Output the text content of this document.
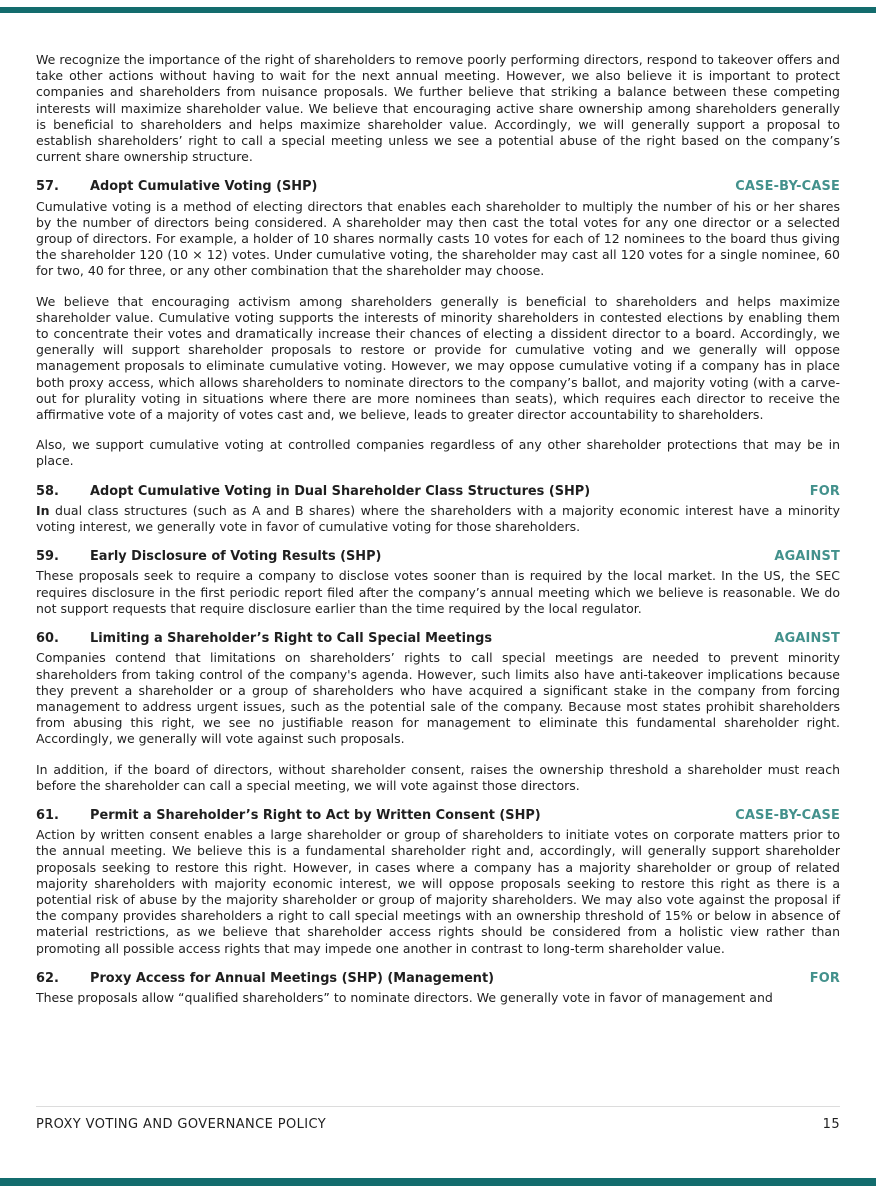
We recognize the importance of the right of shareholders to remove poorly performing directors, respond to takeover offers and take other actions without having to wait for the next annual meeting. However, we also believe it is important to protect companies and shareholders from nuisance proposals. We further believe that striking a balance between these competing interests will maximize shareholder value. We believe that encouraging active share ownership among shareholders generally is beneficial to shareholders and helps maximize shareholder value. Accordingly, we will generally support a proposal to establish shareholders’ right to call a special meeting unless we see a potential abuse of the right based on the company’s current share ownership structure.

57.	Adopt Cumulative Voting (SHP)	CASE-BY-CASE

Cumulative voting is a method of electing directors that enables each shareholder to multiply the number of his or her shares by the number of directors being considered. A shareholder may then cast the total votes for any one director or a selected group of directors. For example, a holder of 10 shares normally casts 10 votes for each of 12 nominees to the board thus giving the shareholder 120 (10 × 12) votes. Under cumulative voting, the shareholder may cast all 120 votes for a single nominee, 60 for two, 40 for three, or any other combination that the shareholder may choose.

We believe that encouraging activism among shareholders generally is beneficial to shareholders and helps maximize shareholder value. Cumulative voting supports the interests of minority shareholders in contested elections by enabling them to concentrate their votes and dramatically increase their chances of electing a dissident director to a board. Accordingly, we generally will support shareholder proposals to restore or provide for cumulative voting and we generally will oppose management proposals to eliminate cumulative voting. However, we may oppose cumulative voting if a company has in place both proxy access, which allows shareholders to nominate directors to the company’s ballot, and majority voting (with a carve-out for plurality voting in situations where there are more nominees than seats), which requires each director to receive the affirmative vote of a majority of votes cast and, we believe, leads to greater director accountability to shareholders.

Also, we support cumulative voting at controlled companies regardless of any other shareholder protections that may be in place.

58.	Adopt Cumulative Voting in Dual Shareholder Class Structures (SHP)	FOR

In dual class structures (such as A and B shares) where the shareholders with a majority economic interest have a minority voting interest, we generally vote in favor of cumulative voting for those shareholders.

59.	Early Disclosure of Voting Results (SHP)	AGAINST

These proposals seek to require a company to disclose votes sooner than is required by the local market. In the US, the SEC requires disclosure in the first periodic report filed after the company’s annual meeting which we believe is reasonable. We do not support requests that require disclosure earlier than the time required by the local regulator.

60.	Limiting a Shareholder’s Right to Call Special Meetings	AGAINST

Companies contend that limitations on shareholders’ rights to call special meetings are needed to prevent minority shareholders from taking control of the company's agenda. However, such limits also have anti-takeover implications because they prevent a shareholder or a group of shareholders who have acquired a significant stake in the company from forcing management to address urgent issues, such as the potential sale of the company. Because most states prohibit shareholders from abusing this right, we see no justifiable reason for management to eliminate this fundamental shareholder right. Accordingly, we generally will vote against such proposals.

In addition, if the board of directors, without shareholder consent, raises the ownership threshold a shareholder must reach before the shareholder can call a special meeting, we will vote against those directors.

61.	Permit a Shareholder’s Right to Act by Written Consent (SHP)	CASE-BY-CASE

Action by written consent enables a large shareholder or group of shareholders to initiate votes on corporate matters prior to the annual meeting. We believe this is a fundamental shareholder right and, accordingly, will generally support shareholder proposals seeking to restore this right. However, in cases where a company has a majority shareholder or group of related majority shareholders with majority economic interest, we will oppose proposals seeking to restore this right as there is a potential risk of abuse by the majority shareholder or group of majority shareholders. We may also vote against the proposal if the company provides shareholders a right to call special meetings with an ownership threshold of 15% or below in absence of material restrictions, as we believe that shareholder access rights should be considered from a holistic view rather than promoting all possible access rights that may impede one another in contrast to long-term shareholder value.

62.	Proxy Access for Annual Meetings (SHP) (Management)	FOR

These proposals allow “qualified shareholders” to nominate directors. We generally vote in favor of management and

PROXY VOTING AND GOVERNANCE POLICY	15
